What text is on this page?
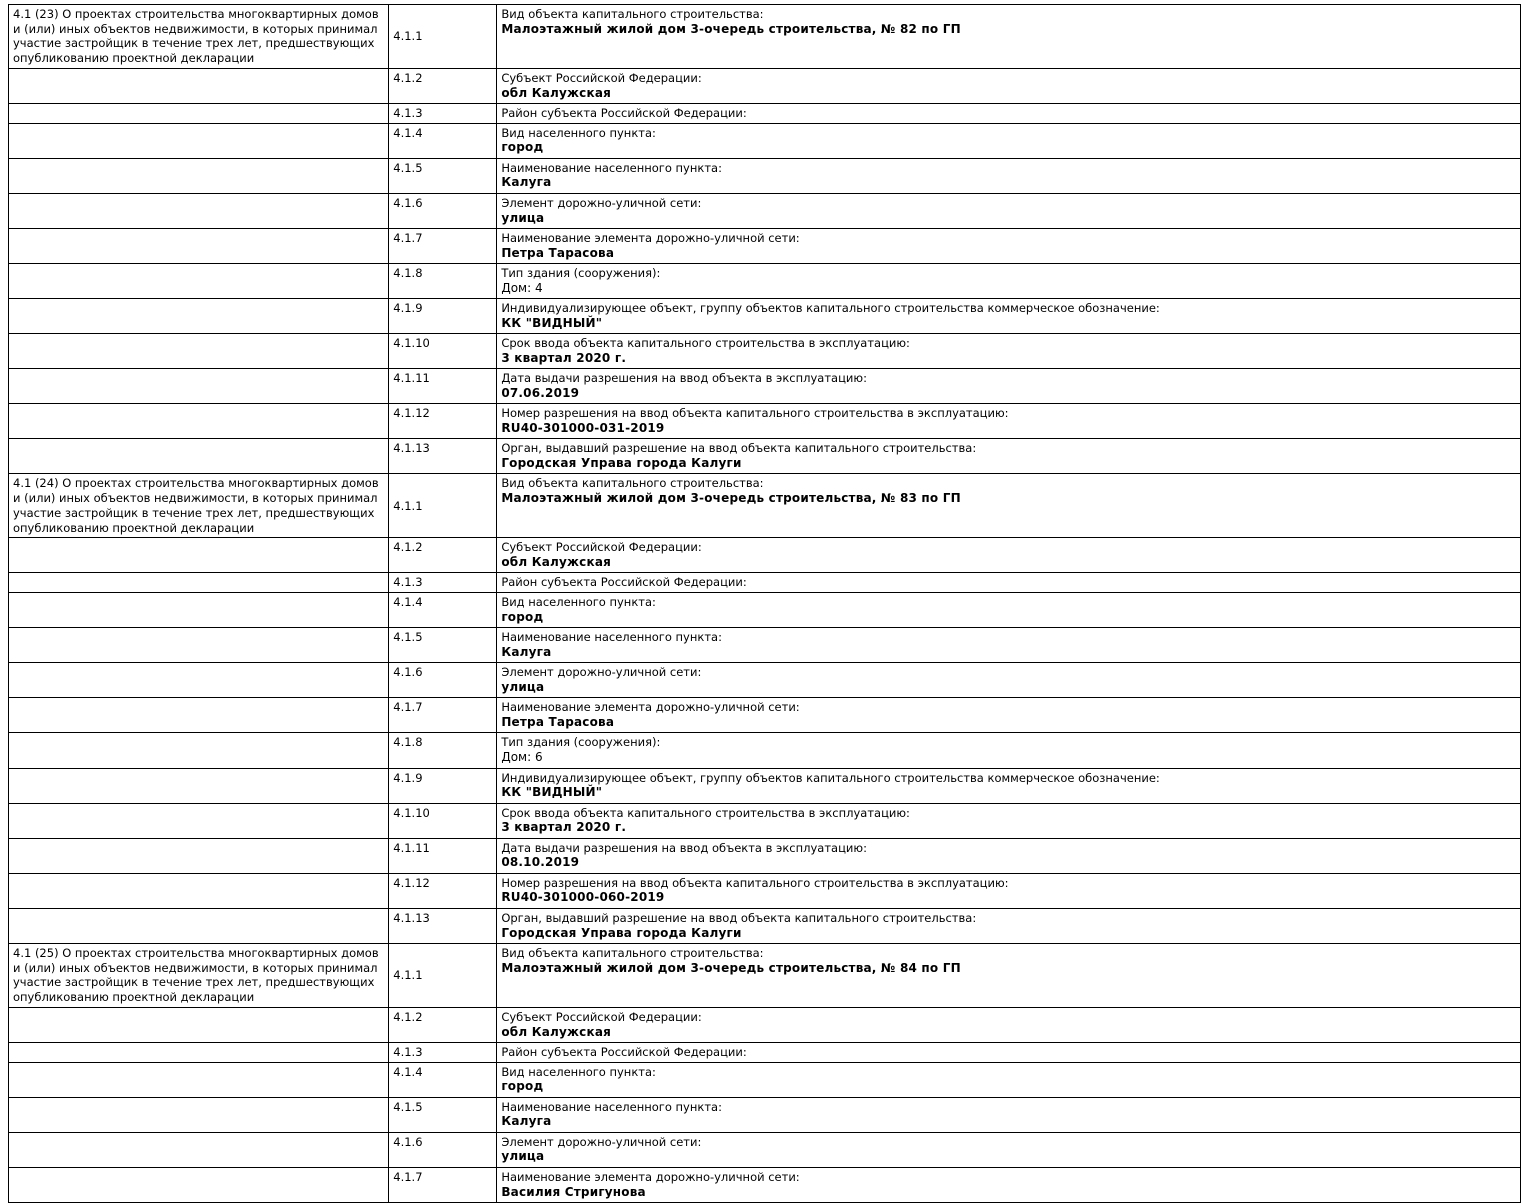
4.1 (23) О проектах строительства многоквартирных домов и (или) иных объектов недвижимости, в которых принимал участие застройщик в течение трех лет, предшествующих опубликованию проектной декларации	4.1.1	Вид объекта капитального строительства:
Малоэтажный жилой дом 3-очередь строительства, № 82 по ГП

	4.1.2	Субъект Российской Федерации:
обл Калужская

	4.1.3	Район субъекта Российской Федерации:

	4.1.4	Вид населенного пункта:
город

	4.1.5	Наименование населенного пункта:
Калуга

	4.1.6	Элемент дорожно-уличной сети:
улица

	4.1.7	Наименование элемента дорожно-уличной сети:
Петра Тарасова

	4.1.8	Тип здания (сооружения):
Дом: 4

	4.1.9	Индивидуализирующее объект, группу объектов капитального строительства коммерческое обозначение:
КК "ВИДНЫЙ"

	4.1.10	Срок ввода объекта капитального строительства в эксплуатацию:
3 квартал 2020 г.

	4.1.11	Дата выдачи разрешения на ввод объекта в эксплуатацию:
07.06.2019

	4.1.12	Номер разрешения на ввод объекта капитального строительства в эксплуатацию:
RU40-301000-031-2019

	4.1.13	Орган, выдавший разрешение на ввод объекта капитального строительства:
Городская Управа города Калуги

4.1 (24) О проектах строительства многоквартирных домов и (или) иных объектов недвижимости, в которых принимал участие застройщик в течение трех лет, предшествующих опубликованию проектной декларации	4.1.1	Вид объекта капитального строительства:
Малоэтажный жилой дом 3-очередь строительства, № 83 по ГП

	4.1.2	Субъект Российской Федерации:
обл Калужская

	4.1.3	Район субъекта Российской Федерации:

	4.1.4	Вид населенного пункта:
город

	4.1.5	Наименование населенного пункта:
Калуга

	4.1.6	Элемент дорожно-уличной сети:
улица

	4.1.7	Наименование элемента дорожно-уличной сети:
Петра Тарасова

	4.1.8	Тип здания (сооружения):
Дом: 6

	4.1.9	Индивидуализирующее объект, группу объектов капитального строительства коммерческое обозначение:
КК "ВИДНЫЙ"

	4.1.10	Срок ввода объекта капитального строительства в эксплуатацию:
3 квартал 2020 г.

	4.1.11	Дата выдачи разрешения на ввод объекта в эксплуатацию:
08.10.2019

	4.1.12	Номер разрешения на ввод объекта капитального строительства в эксплуатацию:
RU40-301000-060-2019

	4.1.13	Орган, выдавший разрешение на ввод объекта капитального строительства:
Городская Управа города Калуги

4.1 (25) О проектах строительства многоквартирных домов и (или) иных объектов недвижимости, в которых принимал участие застройщик в течение трех лет, предшествующих опубликованию проектной декларации	4.1.1	Вид объекта капитального строительства:
Малоэтажный жилой дом 3-очередь строительства, № 84 по ГП

	4.1.2	Субъект Российской Федерации:
обл Калужская

	4.1.3	Район субъекта Российской Федерации:

	4.1.4	Вид населенного пункта:
город

	4.1.5	Наименование населенного пункта:
Калуга

	4.1.6	Элемент дорожно-уличной сети:
улица

	4.1.7	Наименование элемента дорожно-уличной сети:
Василия Стригунова
